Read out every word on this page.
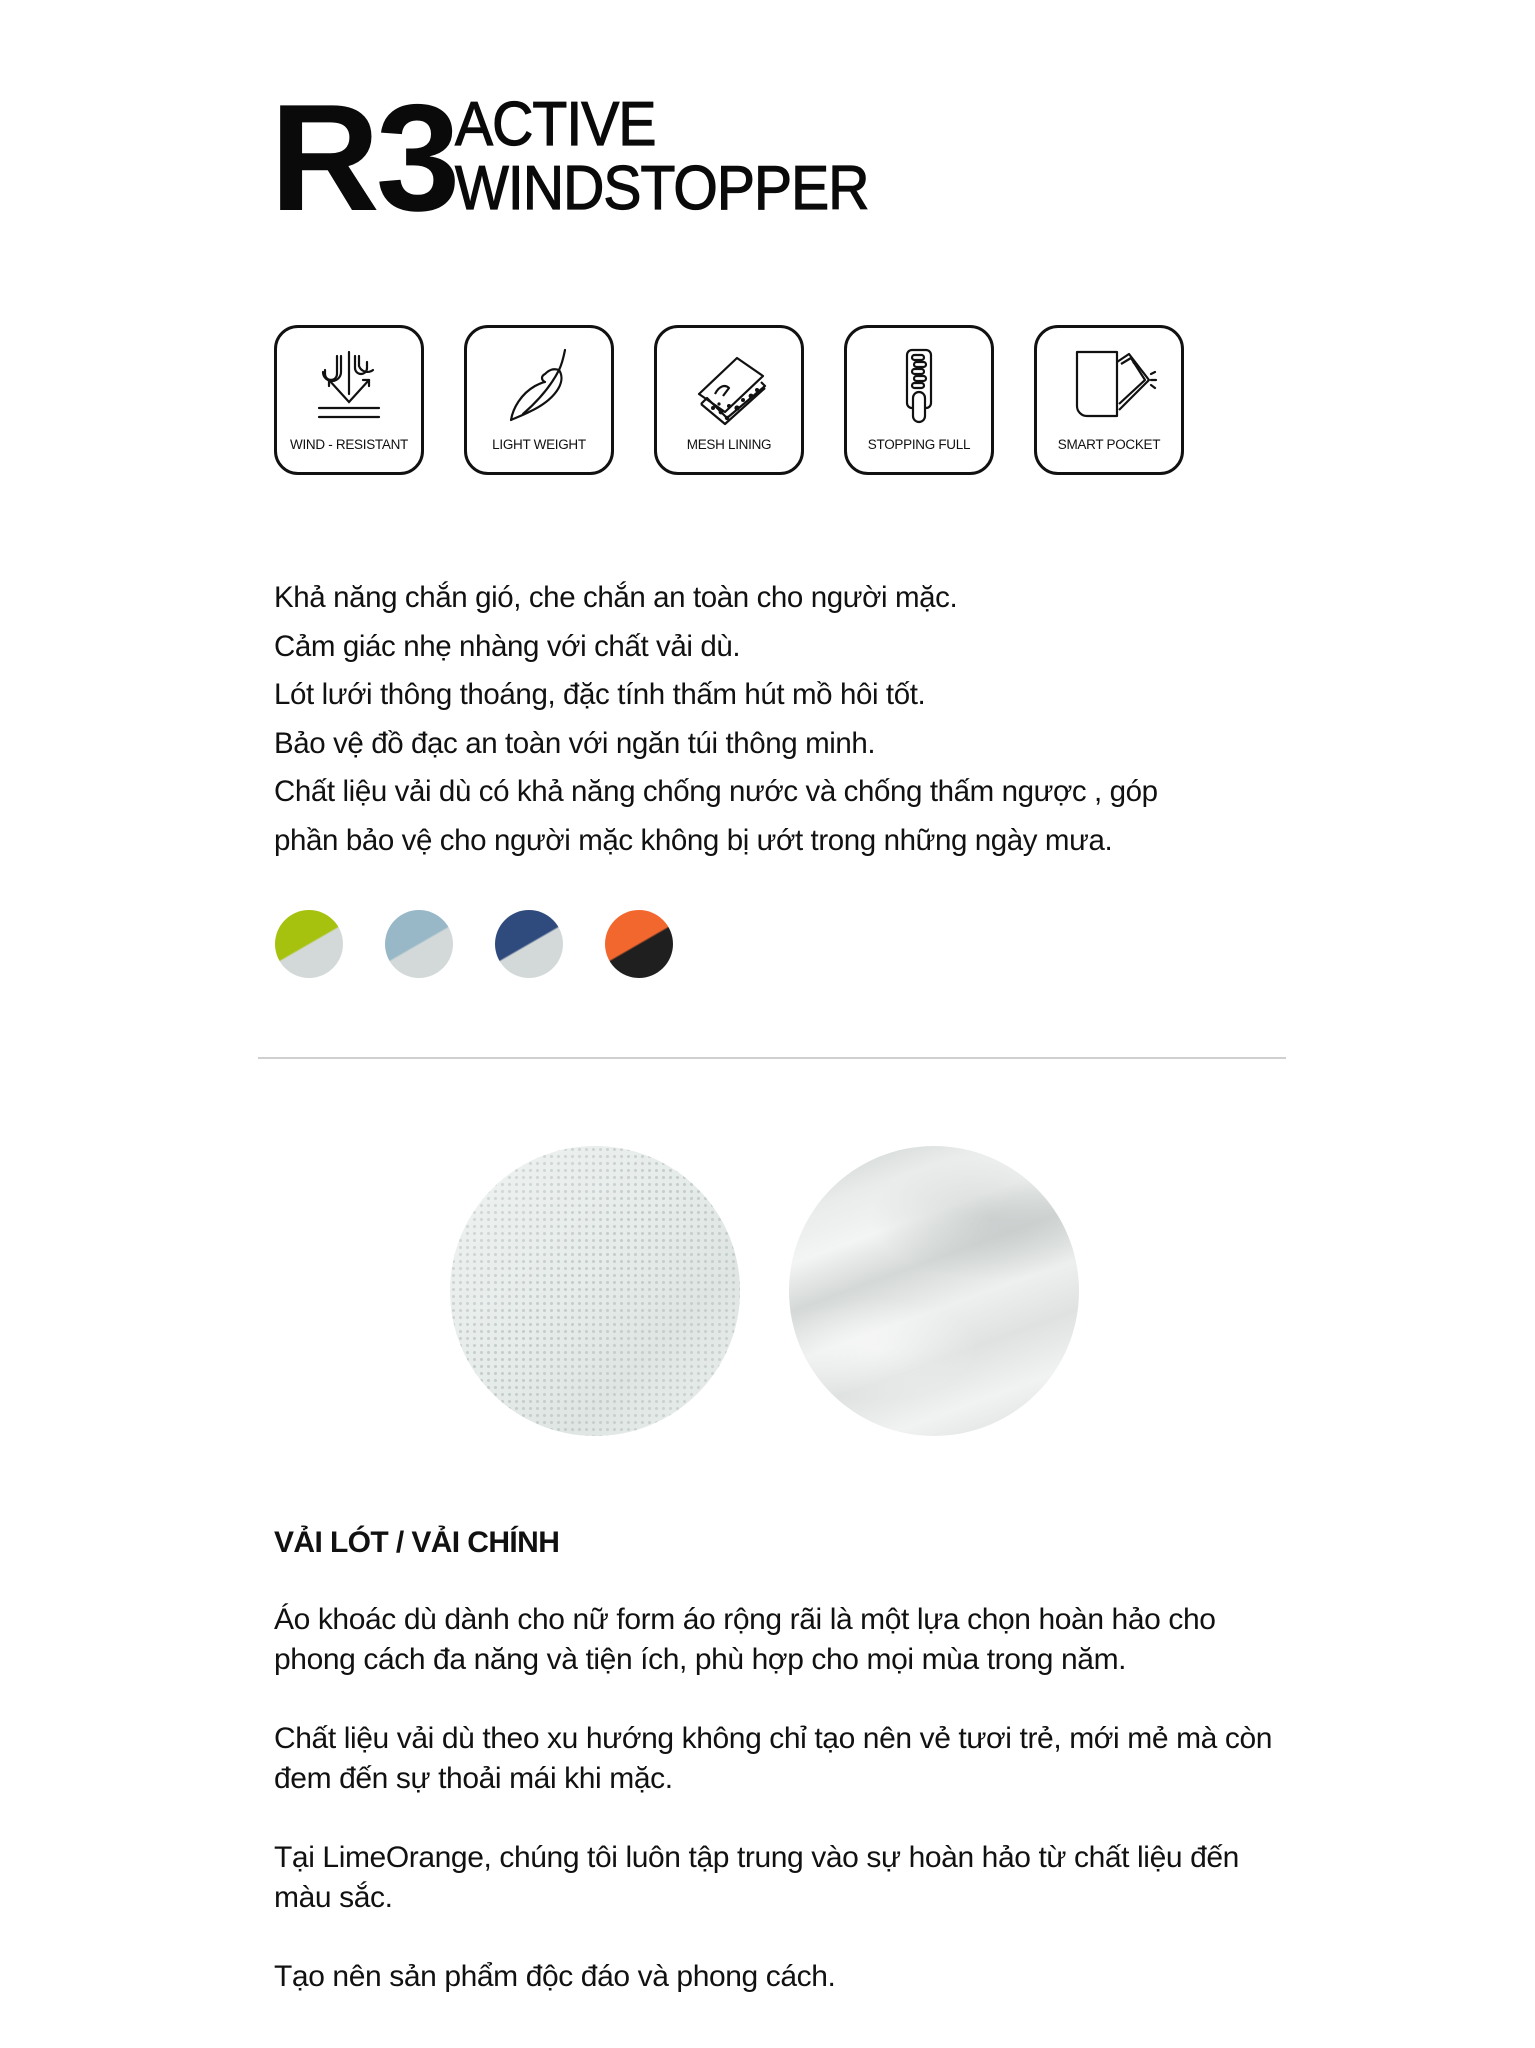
R3
ACTIVE
WINDSTOPPER
WIND - RESISTANT	LIGHT WEIGHT	MESH LINING	STOPPING FULL	SMART POCKET
Khả năng chắn gió, che chắn an toàn cho người mặc.
Cảm giác nhẹ nhàng với chất vải dù.
Lót lưới thông thoáng, đặc tính thấm hút mồ hôi tốt.
Bảo vệ đồ đạc an toàn với ngăn túi thông minh.
Chất liệu vải dù có khả năng chống nước và chống thấm ngược , góp
phần bảo vệ cho người mặc không bị ướt trong những ngày mưa.
VẢI LÓT / VẢI CHÍNH

Áo khoác dù dành cho nữ form áo rộng rãi là một lựa chọn hoàn hảo cho phong cách đa năng và tiện ích, phù hợp cho mọi mùa trong năm.

Chất liệu vải dù theo xu hướng không chỉ tạo nên vẻ tươi trẻ, mới mẻ mà còn đem đến sự thoải mái khi mặc.

Tại LimeOrange, chúng tôi luôn tập trung vào sự hoàn hảo từ chất liệu đến màu sắc.

Tạo nên sản phẩm độc đáo và phong cách.
